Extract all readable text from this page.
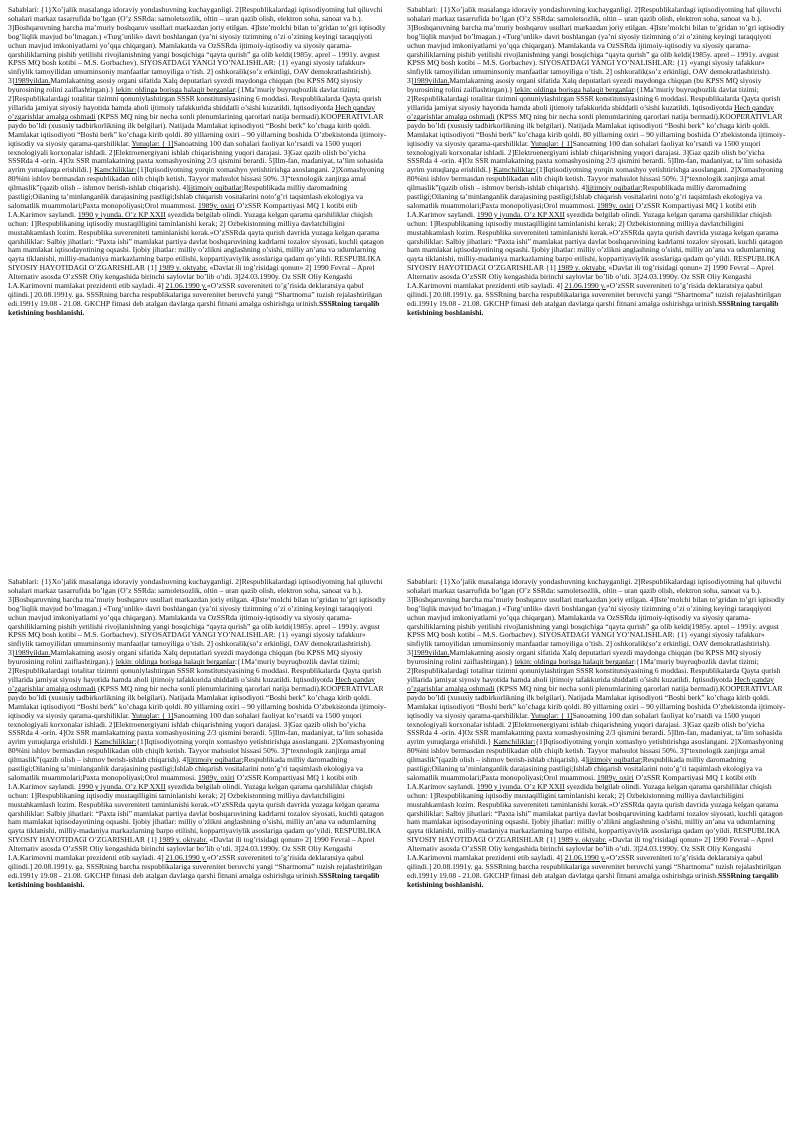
Sabablari: {1}Xo’jalik masalanga idoraviy yondashuvning kuchayganligi. 2]Respublikalardagi iqtisodiyotning hal qiluvchi sohalari markaz tasarrufida bo’lgan (O’z SSRda: samoletsozlik, oltin – uran qazib olish, elektron soha, sanoat va b.). 3]Boshqaruvning barcha ma’muriy boshqaruv usullari markazdan joriy etilgan. 4]Iste’molchi bilan to’gridan to’gri iqtisodiy bog’liqlik mavjud bo’lmagan.) «Turg’unlik» davri boshlangan (ya’ni siyosiy tizimning o’zi o’zining keyingi taraqqiyoti uchun mavjud imkoniyatlarni yo’qqa chiqargan). Mamlakatda va OzSSRda ijtimoiy-iqtisodiy va siyosiy qarama-qarshiliklarning pishib yetilishi rivojlanishning yangi bosqichiga “qayta qurish” ga olib keldi(1985y. aprel – 1991y. avgust KPSS MQ bosh kotibi – M.S. Gorbachev). SIYOSATDAGI YANGI YO’NALISHLAR: {1} «yangi siyosiy tafakkur» sinfiylik tamoyilidan umuminsoniy manfaatlar tamoyiliga o’tish. 2] oshkoralik(so’z erkinligi, OAV demokratlashtirish). 3]1989yildan.Mamlakatning asosiy organi sifatida Xalq deputatlari syezdi maydonga chiqqan (bu KPSS MQ siyosiy byurosining rolini zaiflashtirgan).} lekin: oldinga borisga halaqit berganlar:{1Ma’muriy buyruqbozlik davlat tizimi; 2]Respublikalardagi totalitar tizimni qonuniylashtirgan SSSR konstitutsiyasining 6 moddasi. Respublikalarda Qayta qurish yillarida jamiyat siyosiy hayotida hamda aholi ijtimoiy tafakkurida shiddatli o’sishi kuzatildi. Iqtisodiyotda Hech qanday o’zgarishlar amalga oshmadi (KPSS MQ ning bir necha sonli plenumlarining qarorlari natija bermadi).KOOPERATIVLAR paydo bo’ldi (xususiy tadbirkorlikning ilk belgilari). Natijada Mamlakat iqtisodiyoti “Boshi berk” ko’chaga kirib qoldi. Mamlakat iqtisodiyoti “Boshi berk” ko’chaga kirib qoldi. 80 yillarning oxiri – 90 yillarning boshida O’zbekistonda ijtimoiy-iqtisodiy va siyosiy qarama-qarshiliklar. Yutuqlar: { 1]Sanoatning 100 dan sohalari faoliyat ko’rsatdi va 1500 yuqori texnologiyali korxonalar ishladi. 2]Elektroenergiyani ishlab chiqarishning yuqori darajasi. 3]Gaz qazib olish bo’yicha SSSRda 4 -orin. 4]Oz SSR mamlakatning paxta xomashyosining 2/3 qismini berardi. 5]Ilm-fan, madaniyat, ta’lim sohasida ayrim yutuqlarga erishildi.} Kamchiliklar:{1]Iqtisodiyotning yorqin xomashyo yetishtirishga asoslangani. 2]Xomashyoning 80%ini ishlov bermasdan respublikadan olib chiqib ketish. Tayyor mahsulot hissasi 50%. 3]“texnologik zanjirga amal qilmaslik”(qazib olish – ishmov berish-ishlab chiqarish). 4]ijtimoiy oqibatlar;Respublikada milliy daromadning pastligi;Oilaning ta’minlanganlik darajasining pastligi;Ishlab chiqarish vositalarini noto’g’ri taqsimlash ekologiya va salomatlik muammolari;Paxta monopoliyasi;Orol muammosi. 1989y. oxiri O’zSSR Kompartiyasi MQ 1 kotibi etib I.A.Karimov saylandi. 1990 y iyunda. O’z KP XXII syezdida belgilab olindi. Yuzaga kelgan qarama qarshiliklar chiqish uchun: 1]Respublikaning iqtisodiy mustaqilligini taminlanishi kerak; 2] Ozbekistonning milliya davlatchiligini mustahkamlash lozim. Respublika suvereniteti taminlanishi kerak.«O’zSSRda qayta qurish davrida yuzaga kelgan qarama qarshiliklar: Salbiy jihatlari: “Paxta ishi” mamlakat partiya davlat boshqaruvining kadrlarni tozalov siyosati, kuchli qatagon ham mamlakat iqtisodayotining oqsashi. Ijobiy jihatlar: milliy o’zlikni anglashning o’sishi, milliy an’ana va udumlarning qayta tiklanishi, milliy-madaniya markazlarning barpo etilishi, koppartiyaviylik asoslariga qadam qo’yildi. RESPUBLIKA SIYOSIY HAYOTIDAGI O’ZGARISHLAR {1] 1989 y. oktyabr. «Davlat ili tog’risidagi qonun» 2] 1990 Fevral – Aprel Alternativ asosda O’zSSR Oliy kengashida birinchi saylovlar bo’lib o’tdi. 3]24.03.1990y. Oz SSR Oliy Kengashi I.A.Karimovni mamlakat prezidenti etib sayladi. 4] 21.06.1990 y.«O’zSSR suvereniteti to’g’risida deklaratsiya qabul qilindi.] 20.08.1991y. ga. SSSRning barcha respublikalariga suverenitet beruvchi yangi “Shartnoma” tuzish rejalashtirilgan edi.1991y 19.08 - 21.08. GKCHP fitnasi deb atalgan davlatga qarshi fitnani amalga oshirishga urinish.SSSRning tarqalib ketishining boshlanishi.
Sabablari: {1}Xo’jalik masalanga idoraviy yondashuvning kuchayganligi. 2]Respublikalardagi iqtisodiyotning hal qiluvchi sohalari markaz tasarrufida bo’lgan (O’z SSRda: samoletsozlik, oltin – uran qazib olish, elektron soha, sanoat va b.). 3]Boshqaruvning barcha ma’muriy boshqaruv usullari markazdan joriy etilgan. 4]Iste’molchi bilan to’gridan to’gri iqtisodiy bog’liqlik mavjud bo’lmagan.) «Turg’unlik» davri boshlangan (ya’ni siyosiy tizimning o’zi o’zining keyingi taraqqiyoti uchun mavjud imkoniyatlarni yo’qqa chiqargan). Mamlakatda va OzSSRda ijtimoiy-iqtisodiy va siyosiy qarama-qarshiliklarning pishib yetilishi rivojlanishning yangi bosqichiga “qayta qurish” ga olib keldi(1985y. aprel – 1991y. avgust KPSS MQ bosh kotibi – M.S. Gorbachev). SIYOSATDAGI YANGI YO’NALISHLAR: {1} «yangi siyosiy tafakkur» sinfiylik tamoyilidan umuminsoniy manfaatlar tamoyiliga o’tish. 2] oshkoralik(so’z erkinligi, OAV demokratlashtirish). 3]1989yildan.Mamlakatning asosiy organi sifatida Xalq deputatlari syezdi maydonga chiqqan (bu KPSS MQ siyosiy byurosining rolini zaiflashtirgan).} lekin: oldinga borisga halaqit berganlar:{1Ma’muriy buyruqbozlik davlat tizimi; 2]Respublikalardagi totalitar tizimni qonuniylashtirgan SSSR konstitutsiyasining 6 moddasi. Respublikalarda Qayta qurish yillarida jamiyat siyosiy hayotida hamda aholi ijtimoiy tafakkurida shiddatli o’sishi kuzatildi. Iqtisodiyotda Hech qanday o’zgarishlar amalga oshmadi (KPSS MQ ning bir necha sonli plenumlarining qarorlari natija bermadi).KOOPERATIVLAR paydo bo’ldi (xususiy tadbirkorlikning ilk belgilari). Natijada Mamlakat iqtisodiyoti “Boshi berk” ko’chaga kirib qoldi. Mamlakat iqtisodiyoti “Boshi berk” ko’chaga kirib qoldi. 80 yillarning oxiri – 90 yillarning boshida O’zbekistonda ijtimoiy-iqtisodiy va siyosiy qarama-qarshiliklar. Yutuqlar: { 1]Sanoatning 100 dan sohalari faoliyat ko’rsatdi va 1500 yuqori texnologiyali korxonalar ishladi. 2]Elektroenergiyani ishlab chiqarishning yuqori darajasi. 3]Gaz qazib olish bo’yicha SSSRda 4 -orin. 4]Oz SSR mamlakatning paxta xomashyosining 2/3 qismini berardi. 5]Ilm-fan, madaniyat, ta’lim sohasida ayrim yutuqlarga erishildi.} Kamchiliklar:{1]Iqtisodiyotning yorqin xomashyo yetishtirishga asoslangani. 2]Xomashyoning 80%ini ishlov bermasdan respublikadan olib chiqib ketish. Tayyor mahsulot hissasi 50%. 3]“texnologik zanjirga amal qilmaslik”(qazib olish – ishmov berish-ishlab chiqarish). 4]ijtimoiy oqibatlar;Respublikada milliy daromadning pastligi;Oilaning ta’minlanganlik darajasining pastligi;Ishlab chiqarish vositalarini noto’g’ri taqsimlash ekologiya va salomatlik muammolari;Paxta monopoliyasi;Orol muammosi. 1989y. oxiri O’zSSR Kompartiyasi MQ 1 kotibi etib I.A.Karimov saylandi. 1990 y iyunda. O’z KP XXII syezdida belgilab olindi. Yuzaga kelgan qarama qarshiliklar chiqish uchun: 1]Respublikaning iqtisodiy mustaqilligini taminlanishi kerak; 2] Ozbekistonning milliya davlatchiligini mustahkamlash lozim. Respublika suvereniteti taminlanishi kerak.«O’zSSRda qayta qurish davrida yuzaga kelgan qarama qarshiliklar: Salbiy jihatlari: “Paxta ishi” mamlakat partiya davlat boshqaruvining kadrlarni tozalov siyosati, kuchli qatagon ham mamlakat iqtisodayotining oqsashi. Ijobiy jihatlar: milliy o’zlikni anglashning o’sishi, milliy an’ana va udumlarning qayta tiklanishi, milliy-madaniya markazlarning barpo etilishi, koppartiyaviylik asoslariga qadam qo’yildi. RESPUBLIKA SIYOSIY HAYOTIDAGI O’ZGARISHLAR {1] 1989 y. oktyabr. «Davlat ili tog’risidagi qonun» 2] 1990 Fevral – Aprel Alternativ asosda O’zSSR Oliy kengashida birinchi saylovlar bo’lib o’tdi. 3]24.03.1990y. Oz SSR Oliy Kengashi I.A.Karimovni mamlakat prezidenti etib sayladi. 4] 21.06.1990 y.«O’zSSR suvereniteti to’g’risida deklaratsiya qabul qilindi.] 20.08.1991y. ga. SSSRning barcha respublikalariga suverenitet beruvchi yangi “Shartnoma” tuzish rejalashtirilgan edi.1991y 19.08 - 21.08. GKCHP fitnasi deb atalgan davlatga qarshi fitnani amalga oshirishga urinish.SSSRning tarqalib ketishining boshlanishi.
Sabablari: {1}Xo’jalik masalanga idoraviy yondashuvning kuchayganligi. 2]Respublikalardagi iqtisodiyotning hal qiluvchi sohalari markaz tasarrufida bo’lgan (O’z SSRda: samoletsozlik, oltin – uran qazib olish, elektron soha, sanoat va b.). 3]Boshqaruvning barcha ma’muriy boshqaruv usullari markazdan joriy etilgan. 4]Iste’molchi bilan to’gridan to’gri iqtisodiy bog’liqlik mavjud bo’lmagan.) «Turg’unlik» davri boshlangan (ya’ni siyosiy tizimning o’zi o’zining keyingi taraqqiyoti uchun mavjud imkoniyatlarni yo’qqa chiqargan). Mamlakatda va OzSSRda ijtimoiy-iqtisodiy va siyosiy qarama-qarshiliklarning pishib yetilishi rivojlanishning yangi bosqichiga “qayta qurish” ga olib keldi(1985y. aprel – 1991y. avgust KPSS MQ bosh kotibi – M.S. Gorbachev). SIYOSATDAGI YANGI YO’NALISHLAR: {1} «yangi siyosiy tafakkur» sinfiylik tamoyilidan umuminsoniy manfaatlar tamoyiliga o’tish. 2] oshkoralik(so’z erkinligi, OAV demokratlashtirish). 3]1989yildan.Mamlakatning asosiy organi sifatida Xalq deputatlari syezdi maydonga chiqqan (bu KPSS MQ siyosiy byurosining rolini zaiflashtirgan).} lekin: oldinga borisga halaqit berganlar:{1Ma’muriy buyruqbozlik davlat tizimi; 2]Respublikalardagi totalitar tizimni qonuniylashtirgan SSSR konstitutsiyasining 6 moddasi. Respublikalarda Qayta qurish yillarida jamiyat siyosiy hayotida hamda aholi ijtimoiy tafakkurida shiddatli o’sishi kuzatildi. Iqtisodiyotda Hech qanday o’zgarishlar amalga oshmadi (KPSS MQ ning bir necha sonli plenumlarining qarorlari natija bermadi).KOOPERATIVLAR paydo bo’ldi (xususiy tadbirkorlikning ilk belgilari). Natijada Mamlakat iqtisodiyoti “Boshi berk” ko’chaga kirib qoldi. Mamlakat iqtisodiyoti “Boshi berk” ko’chaga kirib qoldi. 80 yillarning oxiri – 90 yillarning boshida O’zbekistonda ijtimoiy-iqtisodiy va siyosiy qarama-qarshiliklar. Yutuqlar: { 1]Sanoatning 100 dan sohalari faoliyat ko’rsatdi va 1500 yuqori texnologiyali korxonalar ishladi. 2]Elektroenergiyani ishlab chiqarishning yuqori darajasi. 3]Gaz qazib olish bo’yicha SSSRda 4 -orin. 4]Oz SSR mamlakatning paxta xomashyosining 2/3 qismini berardi. 5]Ilm-fan, madaniyat, ta’lim sohasida ayrim yutuqlarga erishildi.} Kamchiliklar:{1]Iqtisodiyotning yorqin xomashyo yetishtirishga asoslangani. 2]Xomashyoning 80%ini ishlov bermasdan respublikadan olib chiqib ketish. Tayyor mahsulot hissasi 50%. 3]“texnologik zanjirga amal qilmaslik”(qazib olish – ishmov berish-ishlab chiqarish). 4]ijtimoiy oqibatlar;Respublikada milliy daromadning pastligi;Oilaning ta’minlanganlik darajasining pastligi;Ishlab chiqarish vositalarini noto’g’ri taqsimlash ekologiya va salomatlik muammolari;Paxta monopoliyasi;Orol muammosi. 1989y. oxiri O’zSSR Kompartiyasi MQ 1 kotibi etib I.A.Karimov saylandi. 1990 y iyunda. O’z KP XXII syezdida belgilab olindi. Yuzaga kelgan qarama qarshiliklar chiqish uchun: 1]Respublikaning iqtisodiy mustaqilligini taminlanishi kerak; 2] Ozbekistonning milliya davlatchiligini mustahkamlash lozim. Respublika suvereniteti taminlanishi kerak.«O’zSSRda qayta qurish davrida yuzaga kelgan qarama qarshiliklar: Salbiy jihatlari: “Paxta ishi” mamlakat partiya davlat boshqaruvining kadrlarni tozalov siyosati, kuchli qatagon ham mamlakat iqtisodayotining oqsashi. Ijobiy jihatlar: milliy o’zlikni anglashning o’sishi, milliy an’ana va udumlarning qayta tiklanishi, milliy-madaniya markazlarning barpo etilishi, koppartiyaviylik asoslariga qadam qo’yildi. RESPUBLIKA SIYOSIY HAYOTIDAGI O’ZGARISHLAR {1] 1989 y. oktyabr. «Davlat ili tog’risidagi qonun» 2] 1990 Fevral – Aprel Alternativ asosda O’zSSR Oliy kengashida birinchi saylovlar bo’lib o’tdi. 3]24.03.1990y. Oz SSR Oliy Kengashi I.A.Karimovni mamlakat prezidenti etib sayladi. 4] 21.06.1990 y.«O’zSSR suvereniteti to’g’risida deklaratsiya qabul qilindi.] 20.08.1991y. ga. SSSRning barcha respublikalariga suverenitet beruvchi yangi “Shartnoma” tuzish rejalashtirilgan edi.1991y 19.08 - 21.08. GKCHP fitnasi deb atalgan davlatga qarshi fitnani amalga oshirishga urinish.SSSRning tarqalib ketishining boshlanishi.
Sabablari: {1}Xo’jalik masalanga idoraviy yondashuvning kuchayganligi. 2]Respublikalardagi iqtisodiyotning hal qiluvchi sohalari markaz tasarrufida bo’lgan (O’z SSRda: samoletsozlik, oltin – uran qazib olish, elektron soha, sanoat va b.). 3]Boshqaruvning barcha ma’muriy boshqaruv usullari markazdan joriy etilgan. 4]Iste’molchi bilan to’gridan to’gri iqtisodiy bog’liqlik mavjud bo’lmagan.) «Turg’unlik» davri boshlangan (ya’ni siyosiy tizimning o’zi o’zining keyingi taraqqiyoti uchun mavjud imkoniyatlarni yo’qqa chiqargan). Mamlakatda va OzSSRda ijtimoiy-iqtisodiy va siyosiy qarama-qarshiliklarning pishib yetilishi rivojlanishning yangi bosqichiga “qayta qurish” ga olib keldi(1985y. aprel – 1991y. avgust KPSS MQ bosh kotibi – M.S. Gorbachev). SIYOSATDAGI YANGI YO’NALISHLAR: {1} «yangi siyosiy tafakkur» sinfiylik tamoyilidan umuminsoniy manfaatlar tamoyiliga o’tish. 2] oshkoralik(so’z erkinligi, OAV demokratlashtirish). 3]1989yildan.Mamlakatning asosiy organi sifatida Xalq deputatlari syezdi maydonga chiqqan (bu KPSS MQ siyosiy byurosining rolini zaiflashtirgan).} lekin: oldinga borisga halaqit berganlar:{1Ma’muriy buyruqbozlik davlat tizimi; 2]Respublikalardagi totalitar tizimni qonuniylashtirgan SSSR konstitutsiyasining 6 moddasi. Respublikalarda Qayta qurish yillarida jamiyat siyosiy hayotida hamda aholi ijtimoiy tafakkurida shiddatli o’sishi kuzatildi. Iqtisodiyotda Hech qanday o’zgarishlar amalga oshmadi (KPSS MQ ning bir necha sonli plenumlarining qarorlari natija bermadi).KOOPERATIVLAR paydo bo’ldi (xususiy tadbirkorlikning ilk belgilari). Natijada Mamlakat iqtisodiyoti “Boshi berk” ko’chaga kirib qoldi. Mamlakat iqtisodiyoti “Boshi berk” ko’chaga kirib qoldi. 80 yillarning oxiri – 90 yillarning boshida O’zbekistonda ijtimoiy-iqtisodiy va siyosiy qarama-qarshiliklar. Yutuqlar: { 1]Sanoatning 100 dan sohalari faoliyat ko’rsatdi va 1500 yuqori texnologiyali korxonalar ishladi. 2]Elektroenergiyani ishlab chiqarishning yuqori darajasi. 3]Gaz qazib olish bo’yicha SSSRda 4 -orin. 4]Oz SSR mamlakatning paxta xomashyosining 2/3 qismini berardi. 5]Ilm-fan, madaniyat, ta’lim sohasida ayrim yutuqlarga erishildi.} Kamchiliklar:{1]Iqtisodiyotning yorqin xomashyo yetishtirishga asoslangani. 2]Xomashyoning 80%ini ishlov bermasdan respublikadan olib chiqib ketish. Tayyor mahsulot hissasi 50%. 3]“texnologik zanjirga amal qilmaslik”(qazib olish – ishmov berish-ishlab chiqarish). 4]ijtimoiy oqibatlar;Respublikada milliy daromadning pastligi;Oilaning ta’minlanganlik darajasining pastligi;Ishlab chiqarish vositalarini noto’g’ri taqsimlash ekologiya va salomatlik muammolari;Paxta monopoliyasi;Orol muammosi. 1989y. oxiri O’zSSR Kompartiyasi MQ 1 kotibi etib I.A.Karimov saylandi. 1990 y iyunda. O’z KP XXII syezdida belgilab olindi. Yuzaga kelgan qarama qarshiliklar chiqish uchun: 1]Respublikaning iqtisodiy mustaqilligini taminlanishi kerak; 2] Ozbekistonning milliya davlatchiligini mustahkamlash lozim. Respublika suvereniteti taminlanishi kerak.«O’zSSRda qayta qurish davrida yuzaga kelgan qarama qarshiliklar: Salbiy jihatlari: “Paxta ishi” mamlakat partiya davlat boshqaruvining kadrlarni tozalov siyosati, kuchli qatagon ham mamlakat iqtisodayotining oqsashi. Ijobiy jihatlar: milliy o’zlikni anglashning o’sishi, milliy an’ana va udumlarning qayta tiklanishi, milliy-madaniya markazlarning barpo etilishi, koppartiyaviylik asoslariga qadam qo’yildi. RESPUBLIKA SIYOSIY HAYOTIDAGI O’ZGARISHLAR {1] 1989 y. oktyabr. «Davlat ili tog’risidagi qonun» 2] 1990 Fevral – Aprel Alternativ asosda O’zSSR Oliy kengashida birinchi saylovlar bo’lib o’tdi. 3]24.03.1990y. Oz SSR Oliy Kengashi I.A.Karimovni mamlakat prezidenti etib sayladi. 4] 21.06.1990 y.«O’zSSR suvereniteti to’g’risida deklaratsiya qabul qilindi.] 20.08.1991y. ga. SSSRning barcha respublikalariga suverenitet beruvchi yangi “Shartnoma” tuzish rejalashtirilgan edi.1991y 19.08 - 21.08. GKCHP fitnasi deb atalgan davlatga qarshi fitnani amalga oshirishga urinish.SSSRning tarqalib ketishining boshlanishi.
